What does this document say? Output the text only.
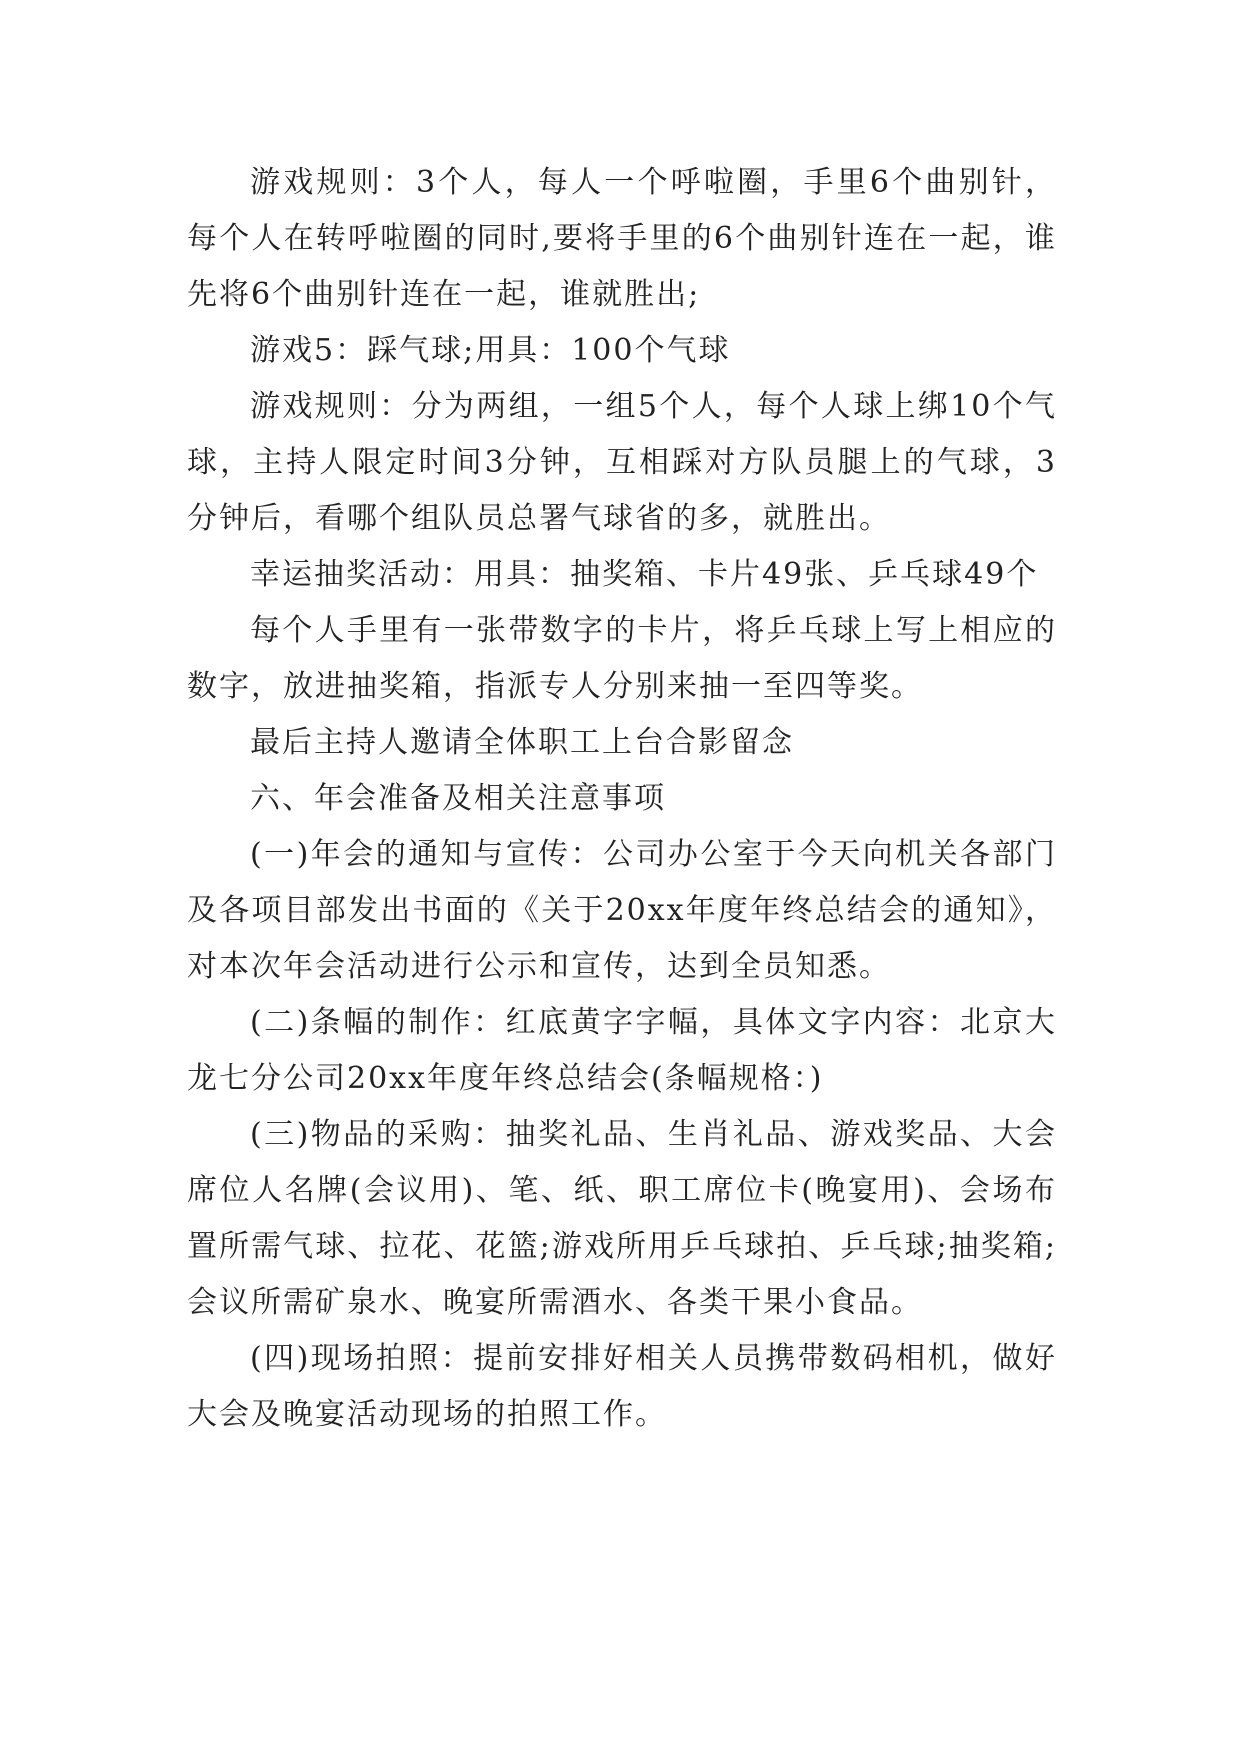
游戏规则：3个人，每人一个呼啦圈，手里6个曲别针，每个人在转呼啦圈的同时,要将手里的6个曲别针连在一起，谁先将6个曲别针连在一起，谁就胜出;

游戏5：踩气球;用具：100个气球

游戏规则：分为两组，一组5个人，每个人球上绑10个气球，主持人限定时间3分钟，互相踩对方队员腿上的气球，3分钟后，看哪个组队员总署气球省的多，就胜出。

幸运抽奖活动：用具：抽奖箱、卡片49张、乒乓球49个

每个人手里有一张带数字的卡片，将乒乓球上写上相应的数字，放进抽奖箱，指派专人分别来抽一至四等奖。

最后主持人邀请全体职工上台合影留念

六、年会准备及相关注意事项

(一)年会的通知与宣传：公司办公室于今天向机关各部门及各项目部发出书面的《关于20xx年度年终总结会的通知》，对本次年会活动进行公示和宣传，达到全员知悉。

(二)条幅的制作：红底黄字字幅，具体文字内容：北京大龙七分公司20xx年度年终总结会(条幅规格：)

(三)物品的采购：抽奖礼品、生肖礼品、游戏奖品、大会席位人名牌(会议用)、笔、纸、职工席位卡(晚宴用)、会场布置所需气球、拉花、花篮;游戏所用乒乓球拍、乒乓球;抽奖箱;会议所需矿泉水、晚宴所需酒水、各类干果小食品。

(四)现场拍照：提前安排好相关人员携带数码相机，做好大会及晚宴活动现场的拍照工作。
